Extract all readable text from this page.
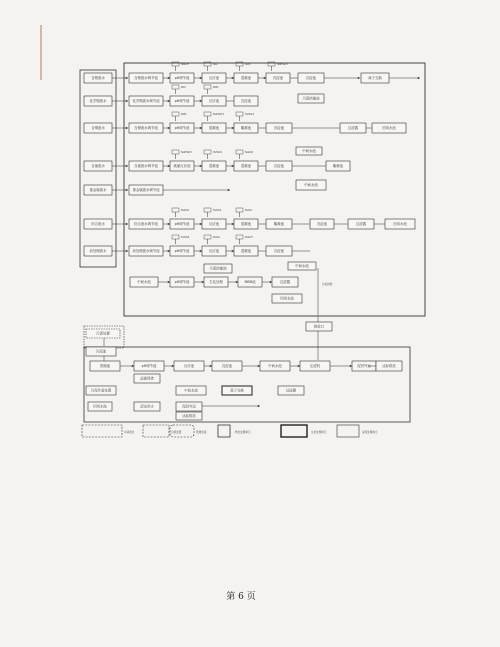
含铬废水	含铬废水调节池
化学镍废水	化学镍废水调节池
含铜废水	含铜废水调节池
含氰废水	含氰废水调节池
重金属废水	重金属废水调节池
综合废水	综合废水调节池
前处理废水	前处理废水调节池
pH调节池
NaOH
反应池
PAC
混凝池
PAM
沉淀池
NaHSO3
沉淀池	离子交换
污泥浓缩池
pH调节池
PAC
反应池
PAM
沉淀池
pH调节池
PAM
混凝池
NaHSO3
絮凝池
H2SO4
沉淀池	过滤器	回用水池
中间水池
破氰反应池
NaHSO3
混凝池
H2SO4
混凝池
NaClO
沉淀池	絮凝池
中间水池
pH调节池
NaClO
反应池
FeSO4
混凝池
Na2S
絮凝池	沉淀池	过滤器	回用水池
pH调节池
FeSO4
反应池
Na2S
混凝池
NaOH
沉淀池
中间水池
污泥浓缩池
中间水池	pH调节池	生化处理	MBR池	过滤器
回用水池
达标排放
排放口
污泥处置
污泥池
浓缩池	pH调节池	反应池	沉淀池	中间水池	压滤机	泥饼外运
滤液回流
中间水池	离子交换	过滤器
污泥外委处置
回用水池	清洁用水	泥饼外运
达标排放
达标排放
车间废水	污泥处置	管道连接	物化处理单元	生化处理单元	深度处理单元
第 6 页
